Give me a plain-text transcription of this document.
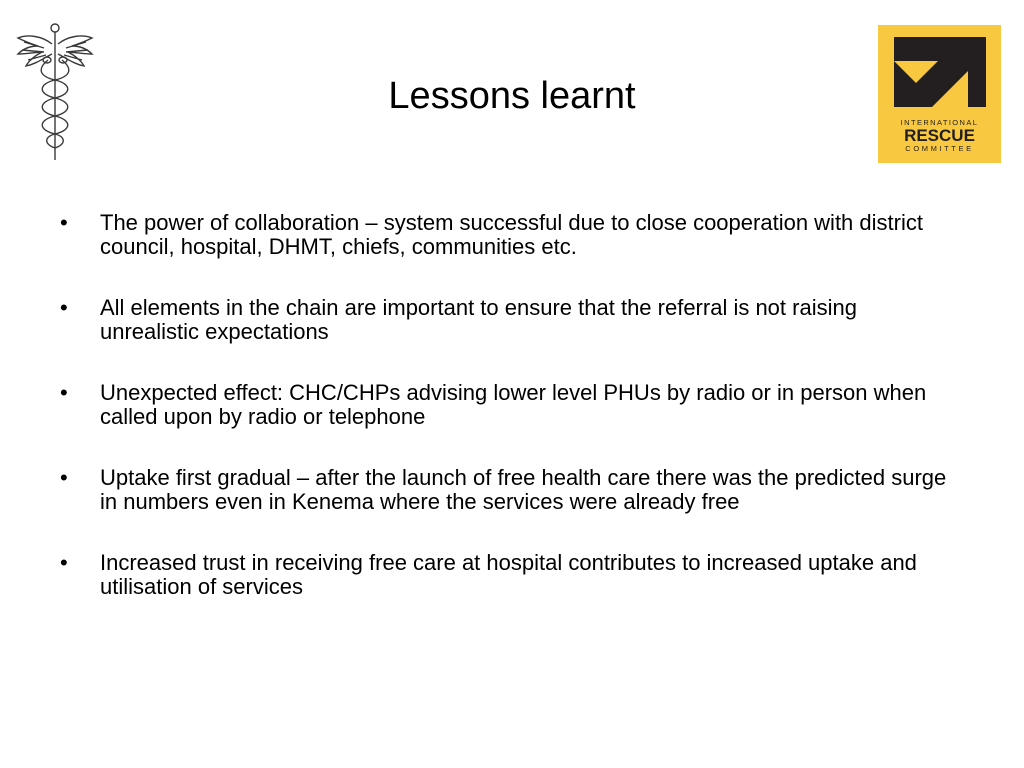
INTERNATIONAL
RESCUE
COMMITTEE
Lessons learnt
•	The power of collaboration – system successful due to close cooperation with district council, hospital, DHMT, chiefs, communities etc.
•	All elements in the chain are important to ensure that the referral is not raising unrealistic expectations
•	Unexpected effect: CHC/CHPs advising lower level PHUs by radio or in person when called upon by radio or telephone
•	Uptake first gradual – after the launch of free health care there was the predicted surge in numbers even in Kenema where the services were already free
•	Increased trust in receiving free care at hospital contributes to increased uptake and utilisation of services
